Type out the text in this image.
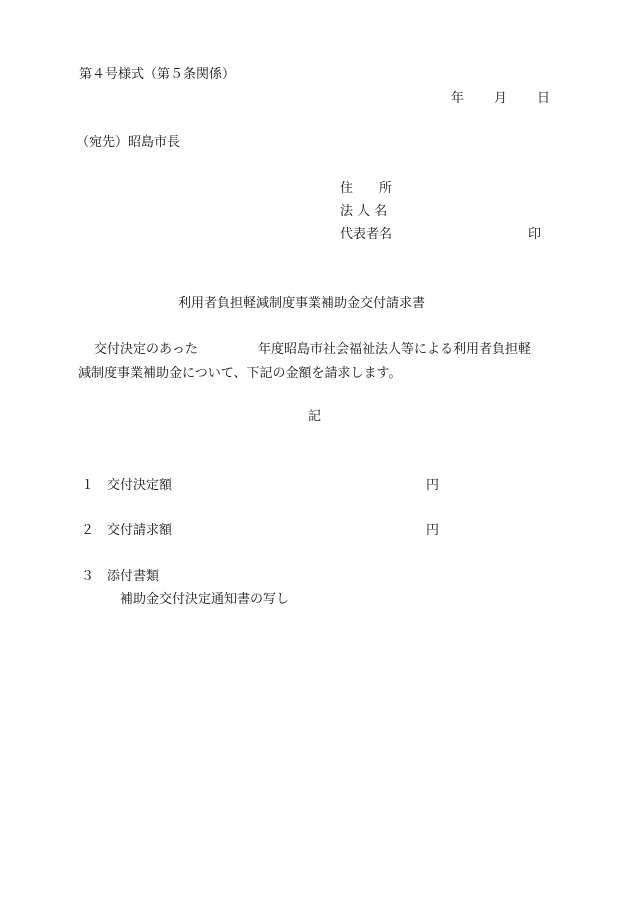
第４号様式（第５条関係）
年 月 日
（宛先）昭島市長
住　　所
法 人 名
代表者名	印
利用者負担軽減制度事業補助金交付請求書
交付決定のあった	年度昭島市社会福祉法人等による利用者負担軽
減制度事業補助金について、下記の金額を請求します。
記
１ 交付決定額	円
２ 交付請求額	円
３ 添付書類
補助金交付決定通知書の写し
